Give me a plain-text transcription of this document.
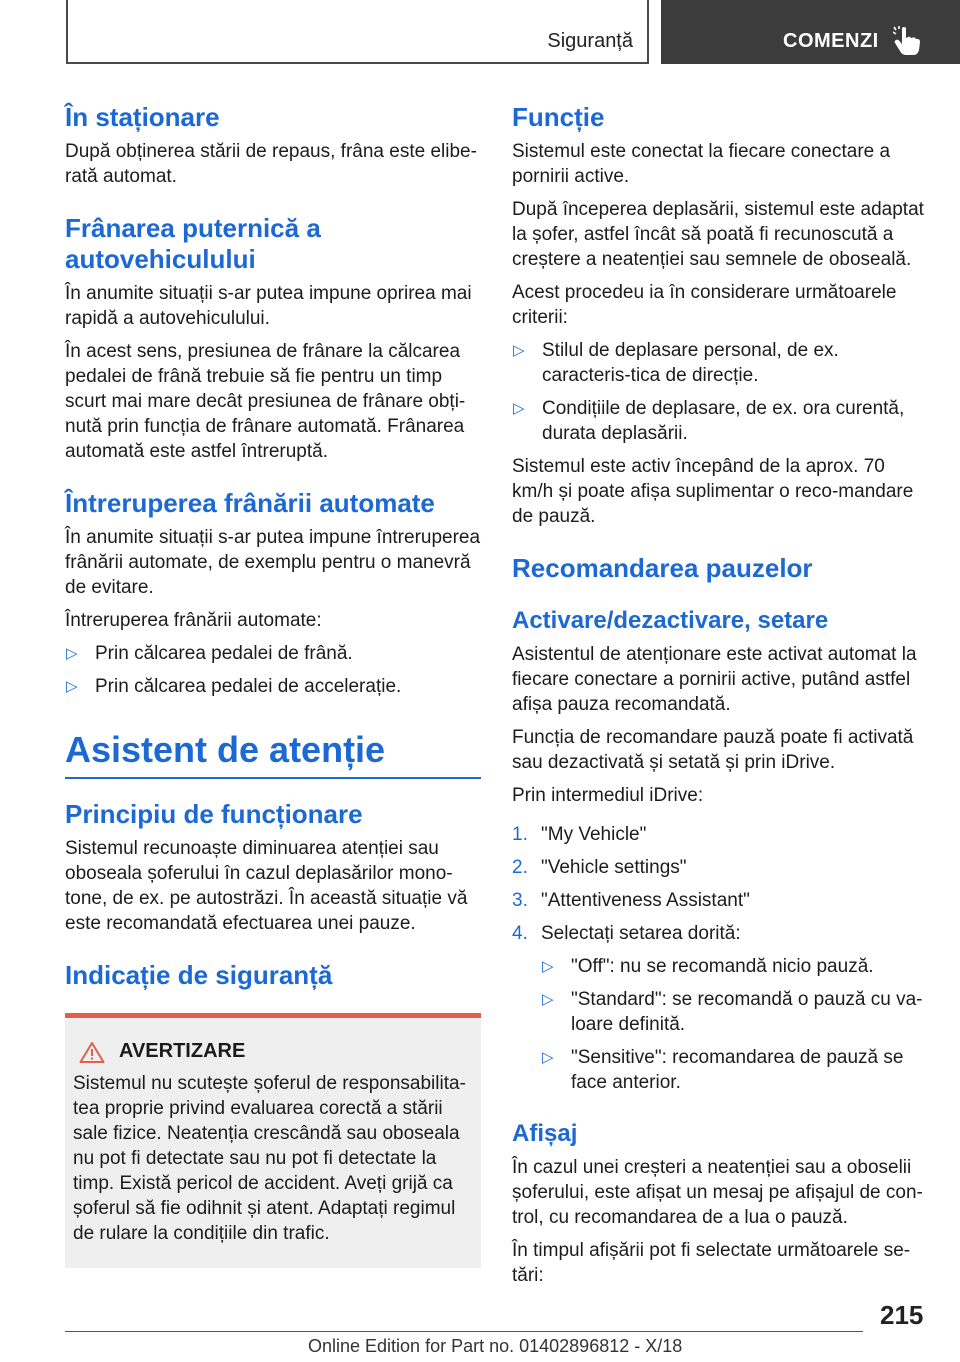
Siguranță	COMENZI
În staționare
După obținerea stării de repaus, frâna este elibe-rată automat.
Frânarea puternică a autovehiculului
În anumite situații s-ar putea impune oprirea mai rapidă a autovehiculului.
În acest sens, presiunea de frânare la călcarea pedalei de frână trebuie să fie pentru un timp scurt mai mare decât presiunea de frânare obți-nută prin funcția de frânare automată. Frânarea automată este astfel întreruptă.
Întreruperea frânării automate
În anumite situații s-ar putea impune întreruperea frânării automate, de exemplu pentru o manevră de evitare.
Întreruperea frânării automate:
▷ Prin călcarea pedalei de frână.
▷ Prin călcarea pedalei de accelerație.
Asistent de atenție
Principiu de funcționare
Sistemul recunoaște diminuarea atenției sau oboseala șoferului în cazul deplasărilor mono-tone, de ex. pe autostrăzi. În această situație vă este recomandată efectuarea unei pauze.
Indicație de siguranță
AVERTIZARE
Sistemul nu scutește șoferul de responsabilita-tea proprie privind evaluarea corectă a stării sale fizice. Neatenția crescândă sau oboseala nu pot fi detectate sau nu pot fi detectate la timp. Există pericol de accident. Aveți grijă ca șoferul să fie odihnit și atent. Adaptați regimul de rulare la condițiile din trafic.
Funcție
Sistemul este conectat la fiecare conectare a pornirii active.
După începerea deplasării, sistemul este adaptat la șofer, astfel încât să poată fi recunoscută a creștere a neatenției sau semnele de oboseală.
Acest procedeu ia în considerare următoarele criterii:
▷ Stilul de deplasare personal, de ex. caracteris-tica de direcție.
▷ Condițiile de deplasare, de ex. ora curentă, durata deplasării.
Sistemul este activ începând de la aprox. 70 km/h și poate afișa suplimentar o reco-mandare de pauză.
Recomandarea pauzelor
Activare/dezactivare, setare
Asistentul de atenționare este activat automat la fiecare conectare a pornirii active, putând astfel afișa pauza recomandată.
Funcția de recomandare pauză poate fi activată sau dezactivată și setată și prin iDrive.
Prin intermediul iDrive:
1. "My Vehicle"
2. "Vehicle settings"
3. "Attentiveness Assistant"
4. Selectați setarea dorită:
▷ "Off": nu se recomandă nicio pauză.
▷ "Standard": se recomandă o pauză cu va-loare definită.
▷ "Sensitive": recomandarea de pauză se face anterior.
Afișaj
În cazul unei creșteri a neatenției sau a oboselii șoferului, este afișat un mesaj pe afișajul de con-trol, cu recomandarea de a lua o pauză.
În timpul afișării pot fi selectate următoarele se-tări:
215
Online Edition for Part no. 01402896812 - X/18
